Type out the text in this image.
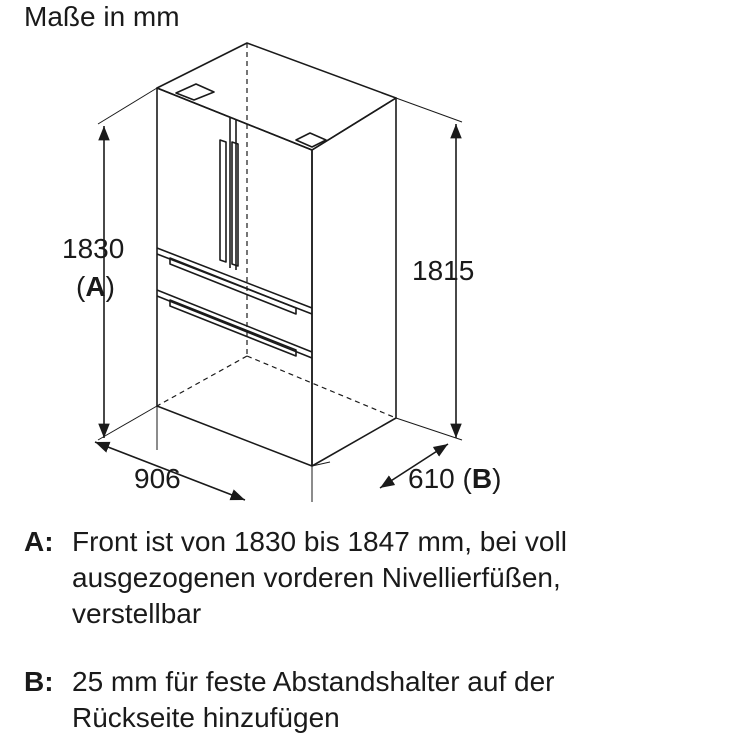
Maße in mm
1830
(A)
1815
906	610 (B)
A: Front ist von 1830 bis 1847 mm, bei voll
ausgezogenen vorderen Nivellierfüßen,
verstellbar
B: 25 mm für feste Abstandshalter auf der
Rückseite hinzufügen
